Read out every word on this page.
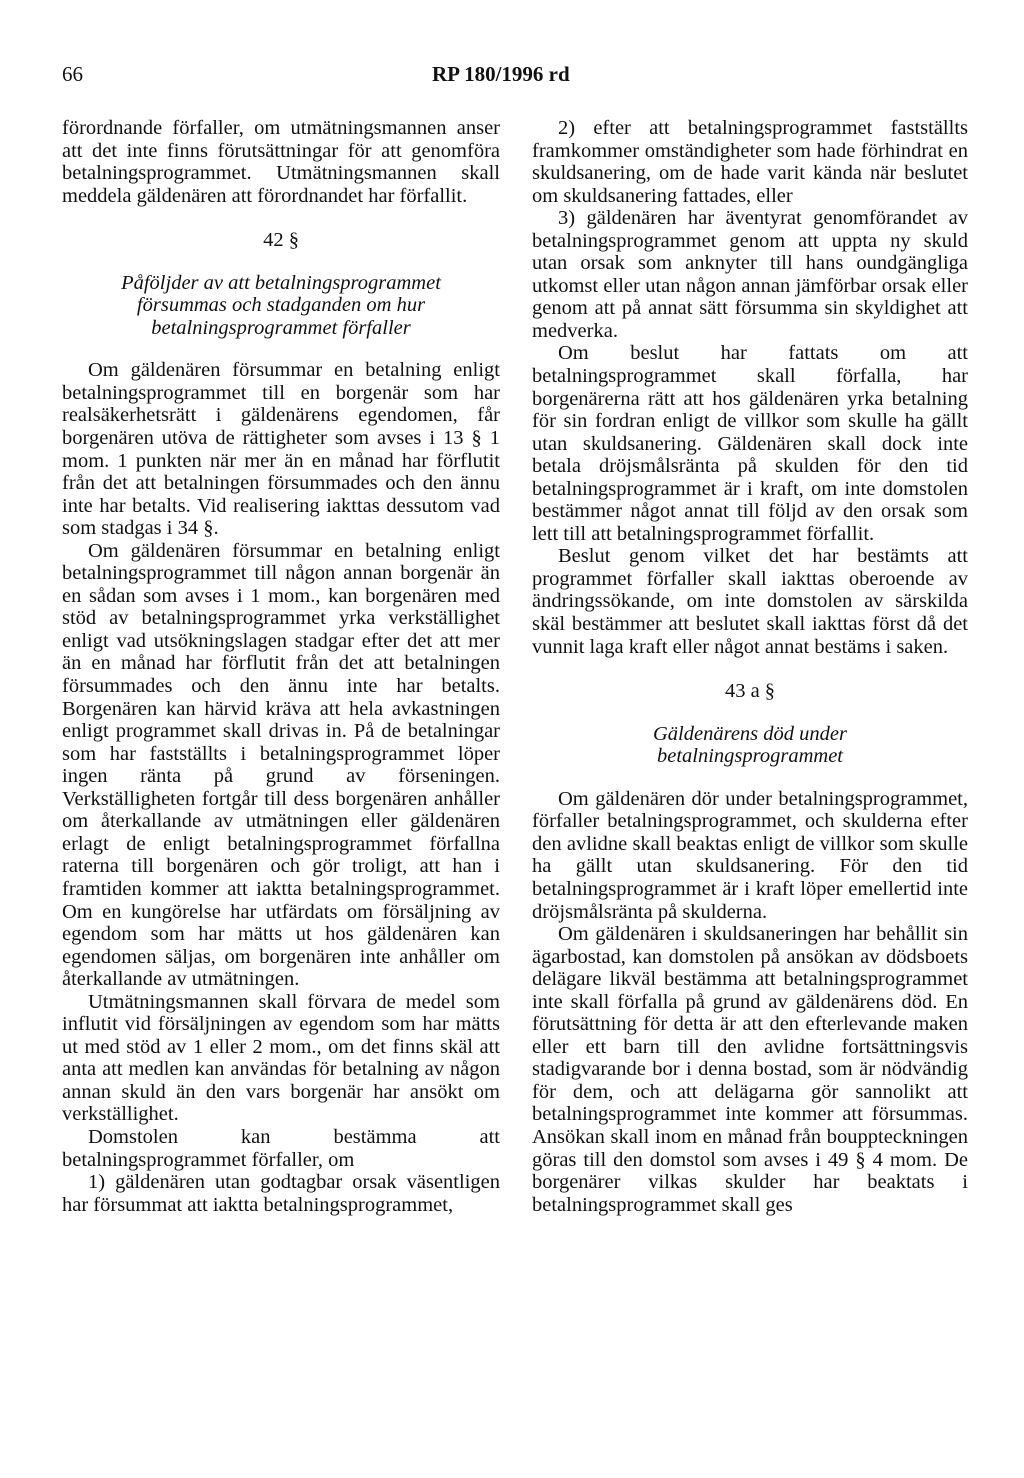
66	RP 180/1996 rd

förordnande förfaller, om utmätningsmannen anser att det inte finns förutsättningar för att genomföra betalningsprogrammet. Utmätningsmannen skall meddela gäldenären att förordnandet har förfallit.

42 §

Påföljder av att betalningsprogrammet försummas och stadganden om hur betalningsprogrammet förfaller

Om gäldenären försummar en betalning enligt betalningsprogrammet till en borgenär som har realsäkerhetsrätt i gäldenärens egendomen, får borgenären utöva de rättigheter som avses i 13 § 1 mom. 1 punkten när mer än en månad har förflutit från det att betalningen försummades och den ännu inte har betalts. Vid realisering iakttas dessutom vad som stadgas i 34 §.

Om gäldenären försummar en betalning enligt betalningsprogrammet till någon annan borgenär än en sådan som avses i 1 mom., kan borgenären med stöd av betalningsprogrammet yrka verkställighet enligt vad utsökningslagen stadgar efter det att mer än en månad har förflutit från det att betalningen försummades och den ännu inte har betalts. Borgenären kan härvid kräva att hela avkastningen enligt programmet skall drivas in. På de betalningar som har fastställts i betalningsprogrammet löper ingen ränta på grund av förseningen. Verkställigheten fortgår till dess borgenären anhåller om återkallande av utmätningen eller gäldenären erlagt de enligt betalningsprogrammet förfallna raterna till borgenären och gör troligt, att han i framtiden kommer att iaktta betalningsprogrammet. Om en kungörelse har utfärdats om försäljning av egendom som har mätts ut hos gäldenären kan egendomen säljas, om borgenären inte anhåller om återkallande av utmätningen.

Utmätningsmannen skall förvara de medel som influtit vid försäljningen av egendom som har mätts ut med stöd av 1 eller 2 mom., om det finns skäl att anta att medlen kan användas för betalning av någon annan skuld än den vars borgenär har ansökt om verkställighet.

Domstolen kan bestämma att betalningsprogrammet förfaller, om

1) gäldenären utan godtagbar orsak väsentligen har försummat att iaktta betalningsprogrammet,

2) efter att betalningsprogrammet fastställts framkommer omständigheter som hade förhindrat en skuldsanering, om de hade varit kända när beslutet om skuldsanering fattades, eller

3) gäldenären har äventyrat genomförandet av betalningsprogrammet genom att uppta ny skuld utan orsak som anknyter till hans oundgängliga utkomst eller utan någon annan jämförbar orsak eller genom att på annat sätt försumma sin skyldighet att medverka.

Om beslut har fattats om att betalningsprogrammet skall förfalla, har borgenärerna rätt att hos gäldenären yrka betalning för sin fordran enligt de villkor som skulle ha gällt utan skuldsanering. Gäldenären skall dock inte betala dröjsmålsränta på skulden för den tid betalningsprogrammet är i kraft, om inte domstolen bestämmer något annat till följd av den orsak som lett till att betalningsprogrammet förfallit.

Beslut genom vilket det har bestämts att programmet förfaller skall iakttas oberoende av ändringssökande, om inte domstolen av särskilda skäl bestämmer att beslutet skall iakttas först då det vunnit laga kraft eller något annat bestäms i saken.

43 a §

Gäldenärens död under betalningsprogrammet

Om gäldenären dör under betalningsprogrammet, förfaller betalningsprogrammet, och skulderna efter den avlidne skall beaktas enligt de villkor som skulle ha gällt utan skuldsanering. För den tid betalningsprogrammet är i kraft löper emellertid inte dröjsmålsränta på skulderna.

Om gäldenären i skuldsaneringen har behållit sin ägarbostad, kan domstolen på ansökan av dödsboets delägare likväl bestämma att betalningsprogrammet inte skall förfalla på grund av gäldenärens död. En förutsättning för detta är att den efterlevande maken eller ett barn till den avlidne fortsättningsvis stadigvarande bor i denna bostad, som är nödvändig för dem, och att delägarna gör sannolikt att betalningsprogrammet inte kommer att försummas. Ansökan skall inom en månad från bouppteckningen göras till den domstol som avses i 49 § 4 mom. De borgenärer vilkas skulder har beaktats i betalningsprogrammet skall ges
